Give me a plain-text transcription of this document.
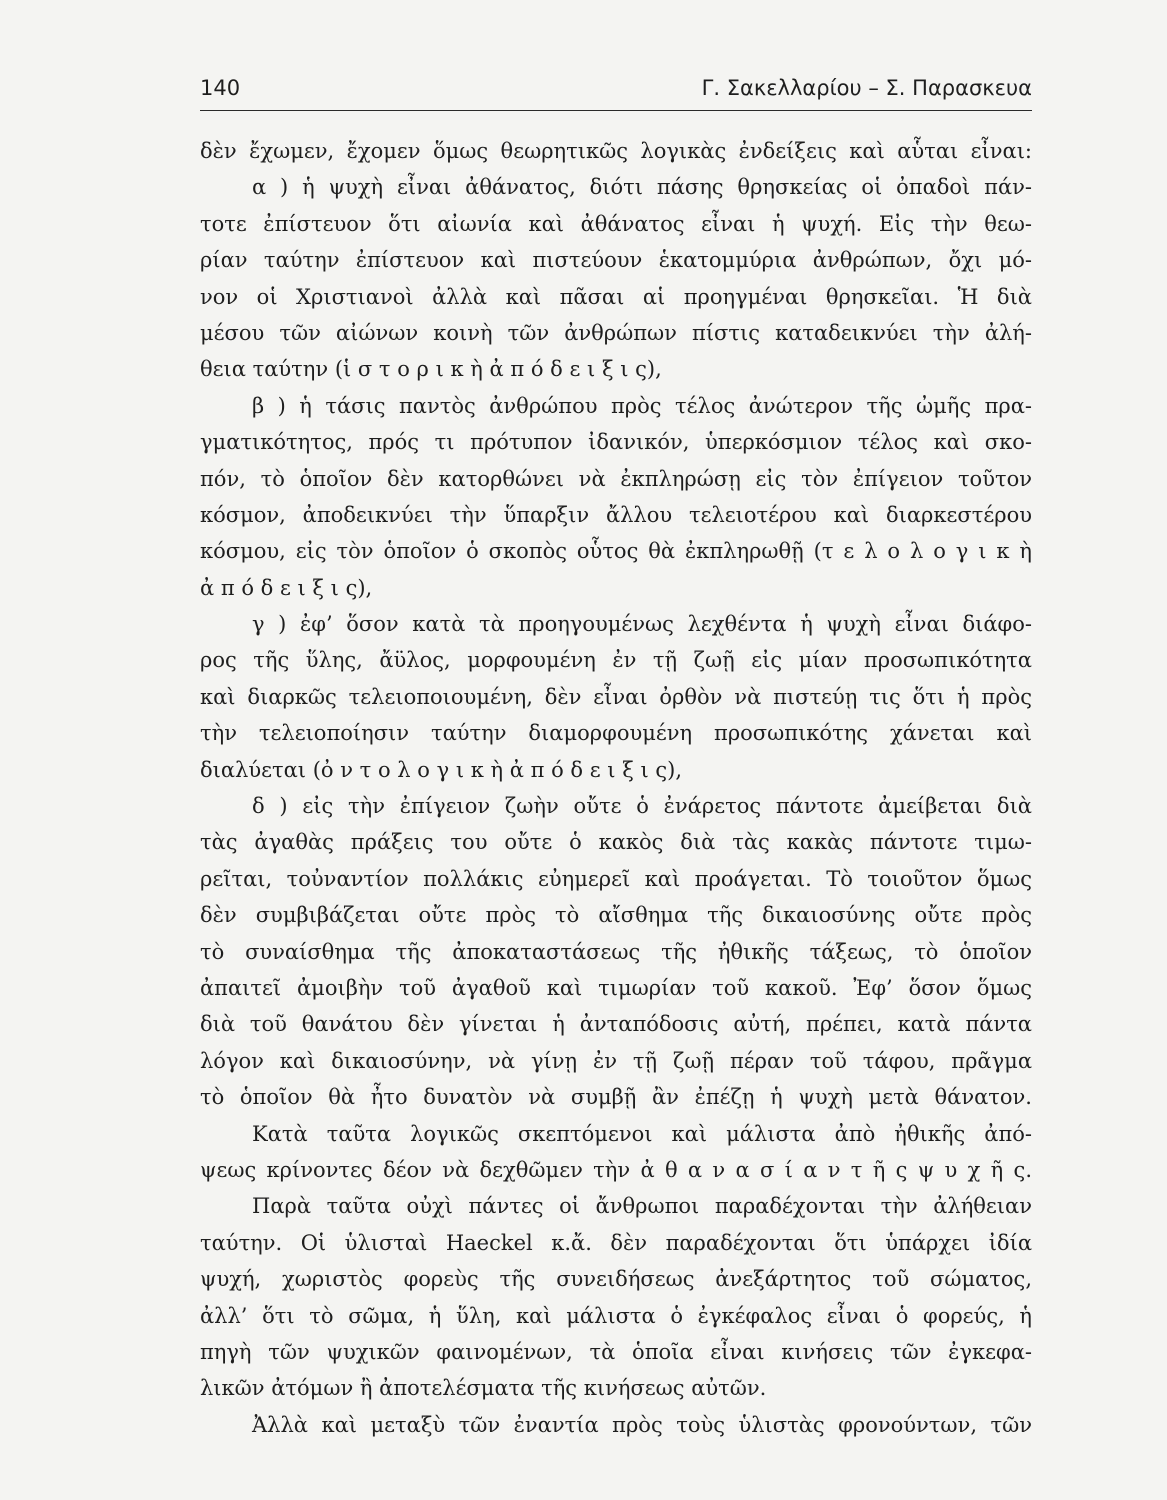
140	Γ. Σακελλαρίου – Σ. Παρασκευα
δὲν ἔχωμεν, ἔχομεν ὅμως θεωρητικῶς λογικὰς ἐνδείξεις καὶ αὗται εἶναι:
α ) ἡ ψυχὴ εἶναι ἀθάνατος, διότι πάσης θρησκείας οἱ ὀπαδοὶ πάν-
τοτε ἐπίστευον ὅτι αἰωνία καὶ ἀθάνατος εἶναι ἡ ψυχή. Εἰς τὴν θεω-
ρίαν ταύτην ἐπίστευον καὶ πιστεύουν ἑκατομμύρια ἀνθρώπων, ὄχι μό-
νον οἱ Χριστιανοὶ ἀλλὰ καὶ πᾶσαι αἱ προηγμέναι θρησκεῖαι. Ἡ διὰ
μέσου τῶν αἰώνων κοινὴ τῶν ἀνθρώπων πίστις καταδεικνύει τὴν ἀλή-
θεια ταύτην (ἱ σ τ ο ρ ι κ ὴ ἀ π ό δ ε ι ξ ι ς),
β ) ἡ τάσις παντὸς ἀνθρώπου πρὸς τέλος ἀνώτερον τῆς ὠμῆς πρα-
γματικότητος, πρός τι πρότυπον ἰδανικόν, ὑπερκόσμιον τέλος καὶ σκο-
πόν, τὸ ὁποῖον δὲν κατορθώνει νὰ ἐκπληρώσῃ εἰς τὸν ἐπίγειον τοῦτον
κόσμον, ἀποδεικνύει τὴν ὕπαρξιν ἄλλου τελειοτέρου καὶ διαρκεστέρου
κόσμου, εἰς τὸν ὁποῖον ὁ σκοπὸς οὗτος θὰ ἐκπληρωθῇ (τ ε λ ο λ ο γ ι κ ὴ
ἀ π ό δ ε ι ξ ι ς),
γ ) ἐφ’ ὅσον κατὰ τὰ προηγουμένως λεχθέντα ἡ ψυχὴ εἶναι διάφο-
ρος τῆς ὕλης, ἄϋλος, μορφουμένη ἐν τῇ ζωῇ εἰς μίαν προσωπικότητα
καὶ διαρκῶς τελειοποιουμένη, δὲν εἶναι ὀρθὸν νὰ πιστεύῃ τις ὅτι ἡ πρὸς
τὴν τελειοποίησιν ταύτην διαμορφουμένη προσωπικότης χάνεται καὶ
διαλύεται (ὀ ν τ ο λ ο γ ι κ ὴ ἀ π ό δ ε ι ξ ι ς),
δ ) εἰς τὴν ἐπίγειον ζωὴν οὔτε ὁ ἐνάρετος πάντοτε ἀμείβεται διὰ
τὰς ἀγαθὰς πράξεις του οὔτε ὁ κακὸς διὰ τὰς κακὰς πάντοτε τιμω-
ρεῖται, τοὐναντίον πολλάκις εὐημερεῖ καὶ προάγεται. Τὸ τοιοῦτον ὅμως
δὲν συμβιβάζεται οὔτε πρὸς τὸ αἴσθημα τῆς δικαιοσύνης οὔτε πρὸς
τὸ συναίσθημα τῆς ἀποκαταστάσεως τῆς ἠθικῆς τάξεως, τὸ ὁποῖον
ἀπαιτεῖ ἀμοιβὴν τοῦ ἀγαθοῦ καὶ τιμωρίαν τοῦ κακοῦ. Ἐφ’ ὅσον ὅμως
διὰ τοῦ θανάτου δὲν γίνεται ἡ ἀνταπόδοσις αὐτή, πρέπει, κατὰ πάντα
λόγον καὶ δικαιοσύνην, νὰ γίνῃ ἐν τῇ ζωῇ πέραν τοῦ τάφου, πρᾶγμα
τὸ ὁποῖον θὰ ἦτο δυνατὸν νὰ συμβῇ ἂν ἐπέζῃ ἡ ψυχὴ μετὰ θάνατον.
Κατὰ ταῦτα λογικῶς σκεπτόμενοι καὶ μάλιστα ἀπὸ ἠθικῆς ἀπό-
ψεως κρίνοντες δέον νὰ δεχθῶμεν τὴν ἀ θ α ν α σ ί α ν τ ῆ ς ψ υ χ ῆ ς.
Παρὰ ταῦτα οὐχὶ πάντες οἱ ἄνθρωποι παραδέχονται τὴν ἀλήθειαν
ταύτην. Οἱ ὑλισταὶ Haeckel κ.ἄ. δὲν παραδέχονται ὅτι ὑπάρχει ἰδία
ψυχή, χωριστὸς φορεὺς τῆς συνειδήσεως ἀνεξάρτητος τοῦ σώματος,
ἀλλ’ ὅτι τὸ σῶμα, ἡ ὕλη, καὶ μάλιστα ὁ ἐγκέφαλος εἶναι ὁ φορεύς, ἡ
πηγὴ τῶν ψυχικῶν φαινομένων, τὰ ὁποῖα εἶναι κινήσεις τῶν ἐγκεφα-
λικῶν ἀτόμων ἢ ἀποτελέσματα τῆς κινήσεως αὐτῶν.
Ἀλλὰ καὶ μεταξὺ τῶν ἐναντία πρὸς τοὺς ὑλιστὰς φρονούντων, τῶν
